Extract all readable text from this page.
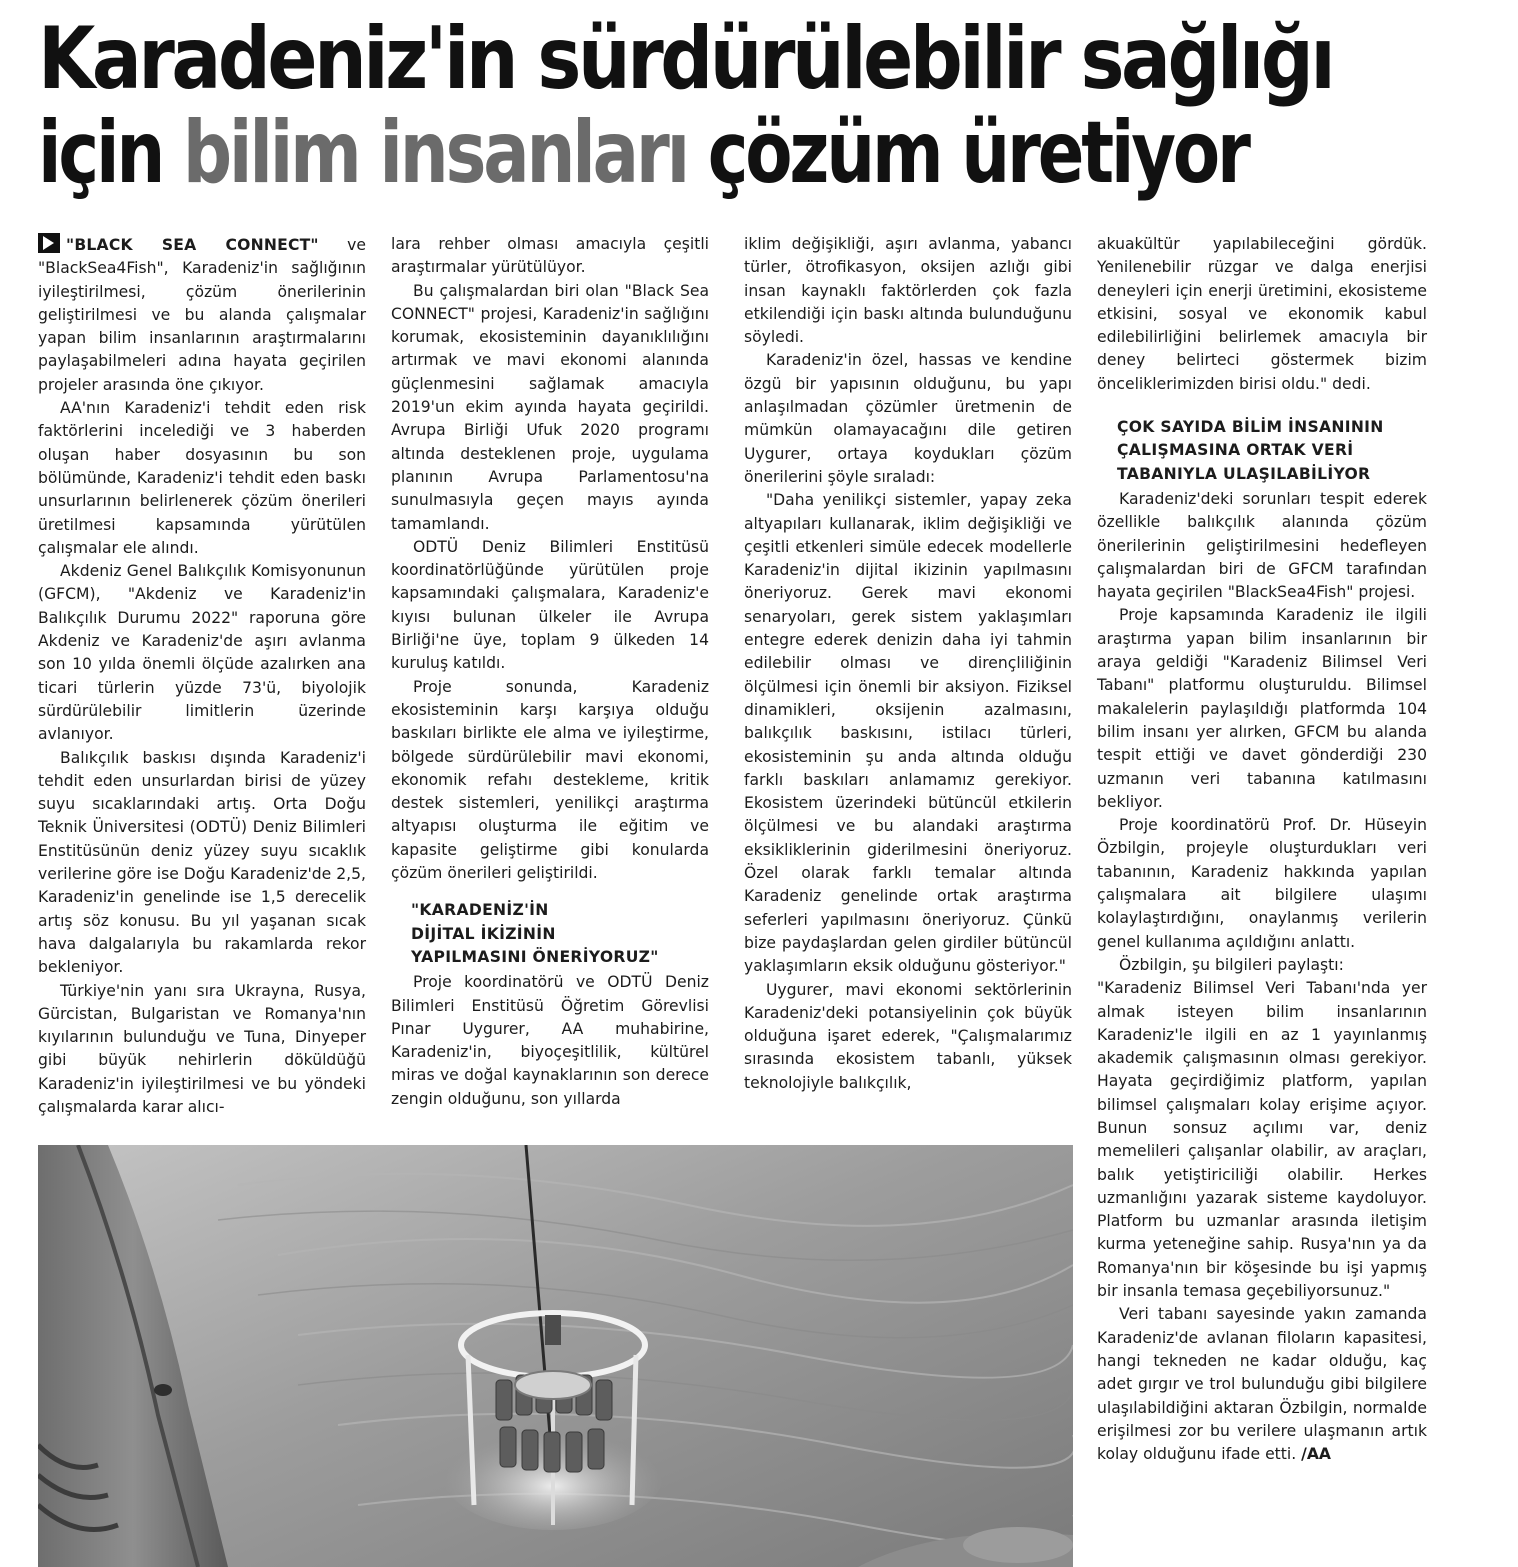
Karadeniz'in sürdürülebilir sağlığı
için bilim insanları çözüm üretiyor

"BLACK SEA CONNECT" ve "BlackSea4Fish", Karadeniz'in sağlığının iyileştirilmesi, çözüm önerilerinin geliştirilmesi ve bu alanda çalışmalar yapan bilim insanlarının araştırmalarını paylaşabilmeleri adına hayata geçirilen projeler arasında öne çıkıyor.

AA'nın Karadeniz'i tehdit eden risk faktörlerini incelediği ve 3 haberden oluşan haber dosyasının bu son bölümünde, Karadeniz'i tehdit eden baskı unsurlarının belirlenerek çözüm önerileri üretilmesi kapsamında yürütülen çalışmalar ele alındı.

Akdeniz Genel Balıkçılık Komisyonunun (GFCM), "Akdeniz ve Karadeniz'in Balıkçılık Durumu 2022" raporuna göre Akdeniz ve Karadeniz'de aşırı avlanma son 10 yılda önemli ölçüde azalırken ana ticari türlerin yüzde 73'ü, biyolojik sürdürülebilir limitlerin üzerinde avlanıyor.

Balıkçılık baskısı dışında Karadeniz'i tehdit eden unsurlardan birisi de yüzey suyu sıcaklarındaki artış. Orta Doğu Teknik Üniversitesi (ODTÜ) Deniz Bilimleri Enstitüsünün deniz yüzey suyu sıcaklık verilerine göre ise Doğu Karadeniz'de 2,5, Karadeniz'in genelinde ise 1,5 derecelik artış söz konusu. Bu yıl yaşanan sıcak hava dalgalarıyla bu rakamlarda rekor bekleniyor.

Türkiye'nin yanı sıra Ukrayna, Rusya, Gürcistan, Bulgaristan ve Romanya'nın kıyılarının bulunduğu ve Tuna, Dinyeper gibi büyük nehirlerin döküldüğü Karadeniz'in iyileştirilmesi ve bu yöndeki çalışmalarda karar alıcı-

lara rehber olması amacıyla çeşitli araştırmalar yürütülüyor.

Bu çalışmalardan biri olan "Black Sea CONNECT" projesi, Karadeniz'in sağlığını korumak, ekosisteminin dayanıklılığını artırmak ve mavi ekonomi alanında güçlenmesini sağlamak amacıyla 2019'un ekim ayında hayata geçirildi. Avrupa Birliği Ufuk 2020 programı altında desteklenen proje, uygulama planının Avrupa Parlamentosu'na sunulmasıyla geçen mayıs ayında tamamlandı.

ODTÜ Deniz Bilimleri Enstitüsü koordinatörlüğünde yürütülen proje kapsamındaki çalışmalara, Karadeniz'e kıyısı bulunan ülkeler ile Avrupa Birliği'ne üye, toplam 9 ülkeden 14 kuruluş katıldı.

Proje sonunda, Karadeniz ekosisteminin karşı karşıya olduğu baskıları birlikte ele alma ve iyileştirme, bölgede sürdürülebilir mavi ekonomi, ekonomik refahı destekleme, kritik destek sistemleri, yenilikçi araştırma altyapısı oluşturma ile eğitim ve kapasite geliştirme gibi konularda çözüm önerileri geliştirildi.

"KARADENİZ'İN
DİJİTAL İKİZİNİN
YAPILMASINI ÖNERİYORUZ"

Proje koordinatörü ve ODTÜ Deniz Bilimleri Enstitüsü Öğretim Görevlisi Pınar Uygurer, AA muhabirine, Karadeniz'in, biyoçeşitlilik, kültürel miras ve doğal kaynaklarının son derece zengin olduğunu, son yıllarda

iklim değişikliği, aşırı avlanma, yabancı türler, ötrofikasyon, oksijen azlığı gibi insan kaynaklı faktörlerden çok fazla etkilendiği için baskı altında bulunduğunu söyledi.

Karadeniz'in özel, hassas ve kendine özgü bir yapısının olduğunu, bu yapı anlaşılmadan çözümler üretmenin de mümkün olamayacağını dile getiren Uygurer, ortaya koydukları çözüm önerilerini şöyle sıraladı:

"Daha yenilikçi sistemler, yapay zeka altyapıları kullanarak, iklim değişikliği ve çeşitli etkenleri simüle edecek modellerle Karadeniz'in dijital ikizinin yapılmasını öneriyoruz. Gerek mavi ekonomi senaryoları, gerek sistem yaklaşımları entegre ederek denizin daha iyi tahmin edilebilir olması ve dirençliliğinin ölçülmesi için önemli bir aksiyon. Fiziksel dinamikleri, oksijenin azalmasını, balıkçılık baskısını, istilacı türleri, ekosisteminin şu anda altında olduğu farklı baskıları anlamamız gerekiyor. Ekosistem üzerindeki bütüncül etkilerin ölçülmesi ve bu alandaki araştırma eksikliklerinin giderilmesini öneriyoruz. Özel olarak farklı temalar altında Karadeniz genelinde ortak araştırma seferleri yapılmasını öneriyoruz. Çünkü bize paydaşlardan gelen girdiler bütüncül yaklaşımların eksik olduğunu gösteriyor."

Uygurer, mavi ekonomi sektörlerinin Karadeniz'deki potansiyelinin çok büyük olduğuna işaret ederek, "Çalışmalarımız sırasında ekosistem tabanlı, yüksek teknolojiyle balıkçılık,

akuakültür yapılabileceğini gördük. Yenilenebilir rüzgar ve dalga enerjisi deneyleri için enerji üretimini, ekosisteme etkisini, sosyal ve ekonomik kabul edilebilirliğini belirlemek amacıyla bir deney belirteci göstermek bizim önceliklerimizden birisi oldu." dedi.

ÇOK SAYIDA BİLİM İNSANININ
ÇALIŞMASINA ORTAK VERİ
TABANIYLA ULAŞILABİLİYOR

Karadeniz'deki sorunları tespit ederek özellikle balıkçılık alanında çözüm önerilerinin geliştirilmesini hedefleyen çalışmalardan biri de GFCM tarafından hayata geçirilen "BlackSea4Fish" projesi.

Proje kapsamında Karadeniz ile ilgili araştırma yapan bilim insanlarının bir araya geldiği "Karadeniz Bilimsel Veri Tabanı" platformu oluşturuldu. Bilimsel makalelerin paylaşıldığı platformda 104 bilim insanı yer alırken, GFCM bu alanda tespit ettiği ve davet gönderdiği 230 uzmanın veri tabanına katılmasını bekliyor.

Proje koordinatörü Prof. Dr. Hüseyin Özbilgin, projeyle oluşturdukları veri tabanının, Karadeniz hakkında yapılan çalışmalara ait bilgilere ulaşımı kolaylaştırdığını, onaylanmış verilerin genel kullanıma açıldığını anlattı.

Özbilgin, şu bilgileri paylaştı:

"Karadeniz Bilimsel Veri Tabanı'nda yer almak isteyen bilim insanlarının Karadeniz'le ilgili en az 1 yayınlanmış akademik çalışmasının olması gerekiyor. Hayata geçirdiğimiz platform, yapılan bilimsel çalışmaları kolay erişime açıyor. Bunun sonsuz açılımı var, deniz memelileri çalışanlar olabilir, av araçları, balık yetiştiriciliği olabilir. Herkes uzmanlığını yazarak sisteme kaydoluyor. Platform bu uzmanlar arasında iletişim kurma yeteneğine sahip. Rusya'nın ya da Romanya'nın bir köşesinde bu işi yapmış bir insanla temasa geçebiliyorsunuz."

Veri tabanı sayesinde yakın zamanda Karadeniz'de avlanan filoların kapasitesi, hangi tekneden ne kadar olduğu, kaç adet gırgır ve trol bulunduğu gibi bilgilere ulaşılabildiğini aktaran Özbilgin, normalde erişilmesi zor bu verilere ulaşmanın artık kolay olduğunu ifade etti. /AA
